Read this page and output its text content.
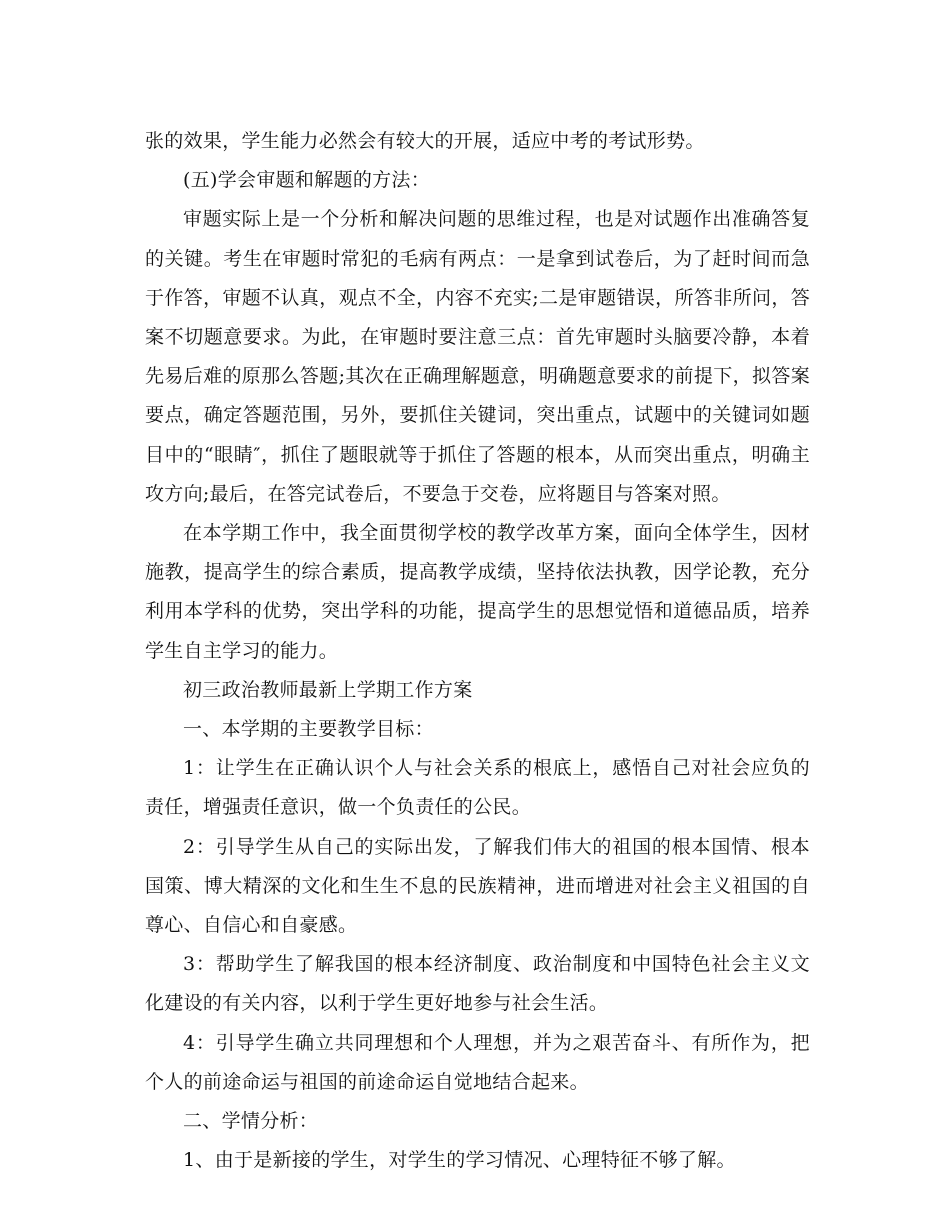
张的效果，学生能力必然会有较大的开展，适应中考的考试形势。

(五)学会审题和解题的方法：

审题实际上是一个分析和解决问题的思维过程，也是对试题作出准确答复的关键。考生在审题时常犯的毛病有两点：一是拿到试卷后，为了赶时间而急于作答，审题不认真，观点不全，内容不充实;二是审题错误，所答非所问，答案不切题意要求。为此，在审题时要注意三点：首先审题时头脑要冷静，本着先易后难的原那么答题;其次在正确理解题意，明确题意要求的前提下，拟答案要点，确定答题范围，另外，要抓住关键词，突出重点，试题中的关键词如题目中的“眼睛″，抓住了题眼就等于抓住了答题的根本，从而突出重点，明确主攻方向;最后，在答完试卷后，不要急于交卷，应将题目与答案对照。

在本学期工作中，我全面贯彻学校的教学改革方案，面向全体学生，因材施教，提高学生的综合素质，提高教学成绩，坚持依法执教，因学论教，充分利用本学科的优势，突出学科的功能，提高学生的思想觉悟和道德品质，培养学生自主学习的能力。

初三政治教师最新上学期工作方案

一、本学期的主要教学目标：

1：让学生在正确认识个人与社会关系的根底上，感悟自己对社会应负的责任，增强责任意识，做一个负责任的公民。

2：引导学生从自己的实际出发，了解我们伟大的祖国的根本国情、根本国策、博大精深的文化和生生不息的民族精神，进而增进对社会主义祖国的自尊心、自信心和自豪感。

3：帮助学生了解我国的根本经济制度、政治制度和中国特色社会主义文化建设的有关内容，以利于学生更好地参与社会生活。

4：引导学生确立共同理想和个人理想，并为之艰苦奋斗、有所作为，把个人的前途命运与祖国的前途命运自觉地结合起来。

二、学情分析：

1、由于是新接的学生，对学生的学习情况、心理特征不够了解。
